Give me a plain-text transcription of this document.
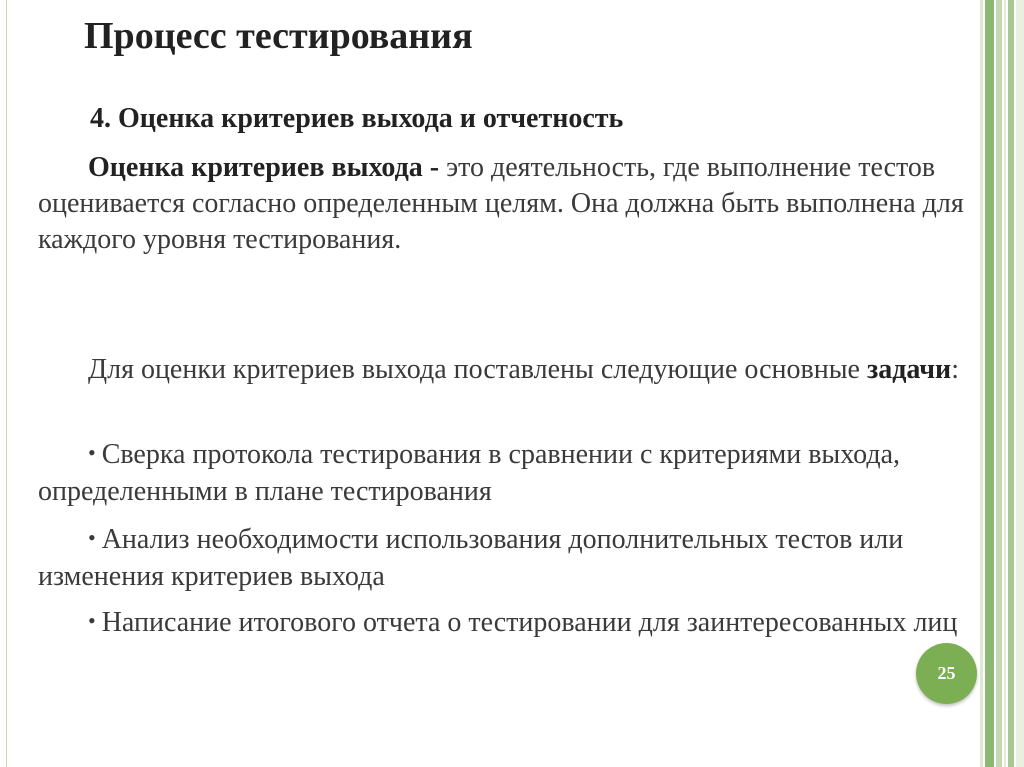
Процесс тестирования
4. Оценка критериев выхода и отчетность
Оценка критериев выхода - это деятельность, где выполнение тестов оценивается согласно определенным целям. Она должна быть выполнена для каждого уровня тестирования.
Для оценки критериев выхода поставлены следующие основные задачи:
• Сверка протокола тестирования в сравнении с критериями выхода, определенными в плане тестирования
• Анализ необходимости использования дополнительных тестов или изменения критериев выхода
• Написание итогового отчета о тестировании для заинтересованных лиц
25
